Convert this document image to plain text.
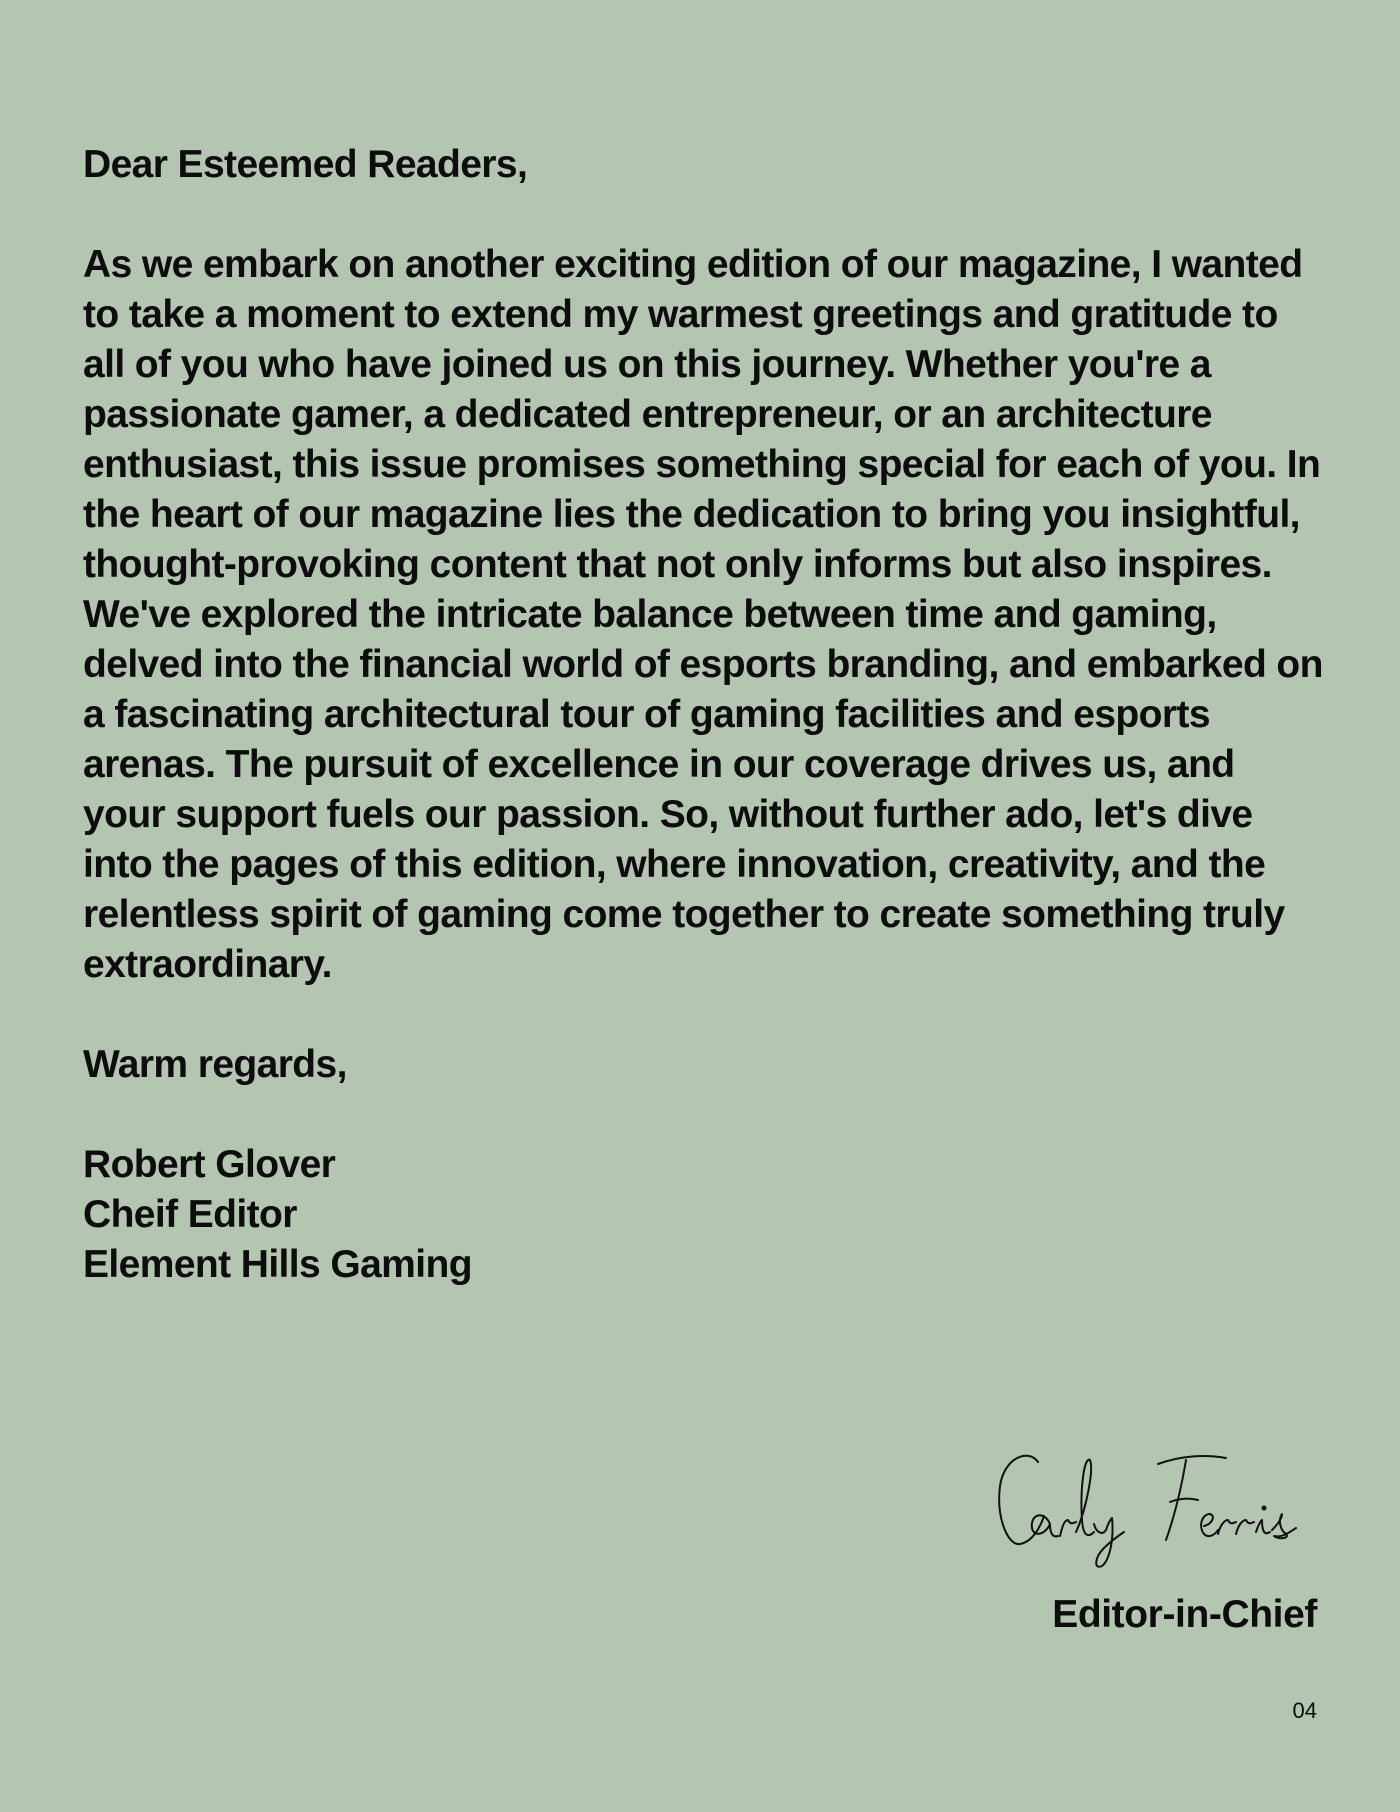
Dear Esteemed Readers,
As we embark on another exciting edition of our magazine, I wanted to take a moment to extend my warmest greetings and gratitude to all of you who have joined us on this journey. Whether you're a passionate gamer, a dedicated entrepreneur, or an architecture enthusiast, this issue promises something special for each of you. In the heart of our magazine lies the dedication to bring you insightful, thought-provoking content that not only informs but also inspires. We've explored the intricate balance between time and gaming, delved into the financial world of esports branding, and embarked on a fascinating architectural tour of gaming facilities and esports arenas. The pursuit of excellence in our coverage drives us, and your support fuels our passion. So, without further ado, let's dive into the pages of this edition, where innovation, creativity, and the relentless spirit of gaming come together to create something truly extraordinary.
Warm regards,
Robert Glover
Cheif Editor
Element Hills Gaming
Editor-in-Chief
04
